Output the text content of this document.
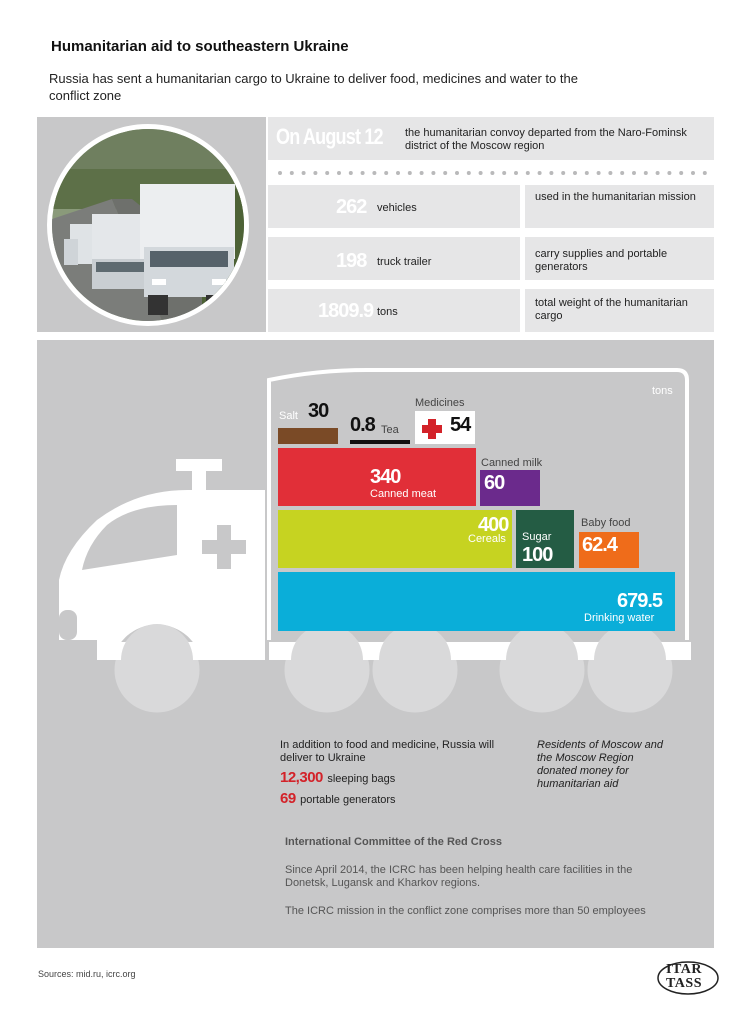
Humanitarian aid to southeastern Ukraine
Russia has sent a humanitarian cargo to Ukraine to deliver food, medicines and water to the conflict zone
On August 12 the humanitarian convoy departed from the Naro-Fominsk district of the Moscow region
262 vehicles
used in the humanitarian mission
198 truck trailer
carry supplies and portable generators
1809.9 tons
total weight of the humanitarian cargo
tons
Salt 30
0.8 Tea
Medicines
54
340
Canned meat
Canned milk
60
400
Cereals Sugar
100
Baby food
62.4
679.5
Drinking water
In addition to food and medicine, Russia will deliver to Ukraine
12,300 sleeping bags
69 portable generators
Residents of Moscow and the Moscow Region donated money for humanitarian aid
International Committee of the Red Cross
Since April 2014, the ICRC has been helping health care facilities in the Donetsk, Lugansk and Kharkov regions.
The ICRC mission in the conflict zone comprises more than 50 employees
Sources: mid.ru, icrc.org	ITAR
TASS
